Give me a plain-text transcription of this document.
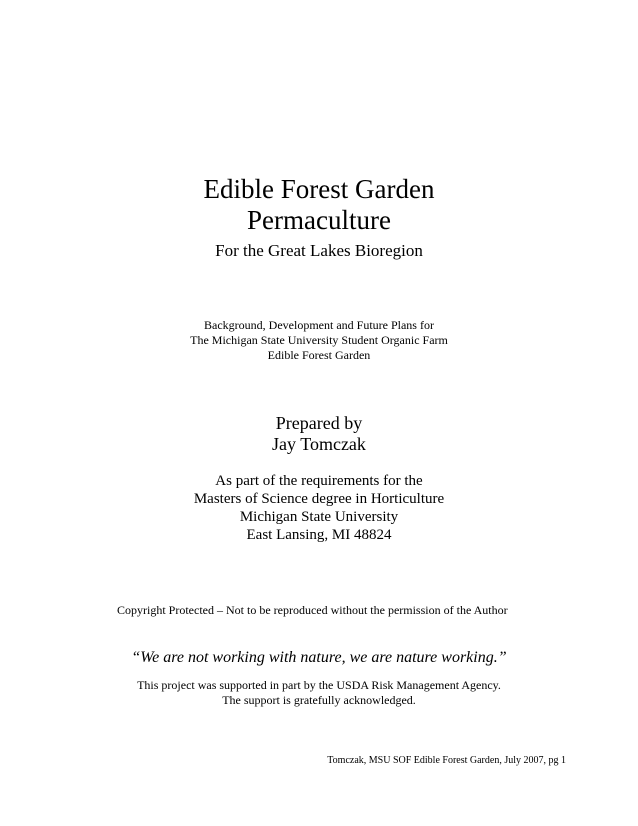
Edible Forest Garden
Permaculture
For the Great Lakes Bioregion
Background, Development and Future Plans for
The Michigan State University Student Organic Farm
Edible Forest Garden
Prepared by
Jay Tomczak
As part of the requirements for the
Masters of Science degree in Horticulture
Michigan State University
East Lansing, MI 48824
Copyright Protected – Not to be reproduced without the permission of the Author
“We are not working with nature, we are nature working.”
This project was supported in part by the USDA Risk Management Agency.
The support is gratefully acknowledged.
Tomczak, MSU SOF Edible Forest Garden, July 2007, pg 1
